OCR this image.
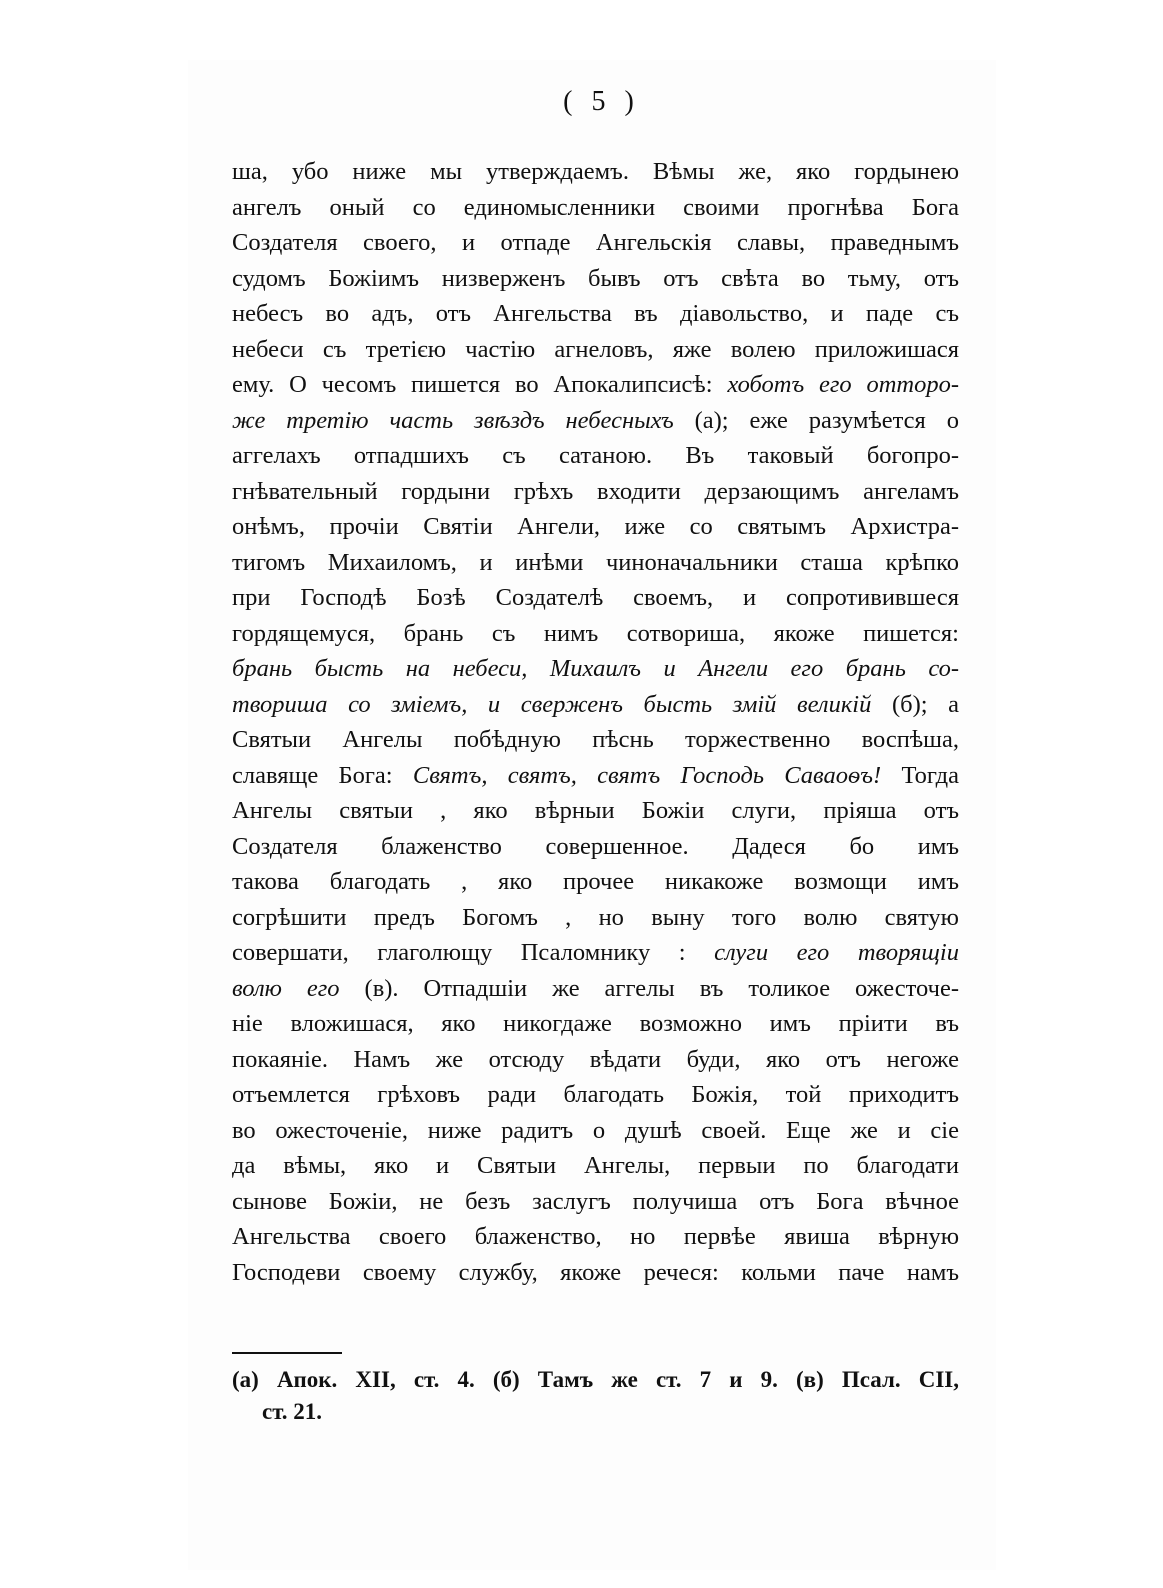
( 5 )
ша, убо ниже мы утверждаемъ. Вѣмы же, яко гордынею
ангелъ оный со единомысленники своими прогнѣва Бога
Создателя своего, и отпаде Ангельскія славы, праведнымъ
судомъ Божіимъ низверженъ бывъ отъ свѣта во тьму, отъ
небесъ во адъ, отъ Ангельства въ діавольство, и паде съ
небеси съ третією частію агнеловъ, яже волею приложишася
ему. О чесомъ пишется во Апокалипсисѣ: хоботъ его отторо-
же третію часть звѣздъ небесныхъ (а); еже разумѣется о
аггелахъ отпадшихъ съ сатаною. Въ таковый богопро-
гнѣвательный гордыни грѣхъ входити дерзающимъ ангеламъ
онѣмъ, прочіи Святіи Ангели, иже со святымъ Архистра-
тигомъ Михаиломъ, и инѣми чиноначальники сташа крѣпко
при Господѣ Бозѣ Создателѣ своемъ, и сопротивившеся
гордящемуся, брань съ нимъ сотвориша, якоже пишется:
брань бысть на небеси, Михаилъ и Ангели его брань со-
твориша со змiемъ, и сверженъ бысть змiй великiй (б); а
Святыи Ангелы побѣдную пѣснь торжественно воспѣша,
славяще Бога: Святъ, святъ, святъ Господь Саваоѳъ! Тогда
Ангелы святыи , яко вѣрныи Божіи слуги, пріяша отъ
Создателя блаженство совершенное. Дадеся бо имъ
такова благодать , яко прочее никакоже возмощи имъ
согрѣшити предъ Богомъ , но выну того волю святую
совершати, глаголющу Псаломнику : слуги его творящіи
волю его (в). Отпадшіи же аггелы въ толикое ожесточе-
ніе вложишася, яко никогдаже возможно имъ пріити въ
покаяніе. Намъ же отсюду вѣдати буди, яко отъ негоже
отъемлется грѣховъ ради благодать Божія, той приходитъ
во ожесточеніе, ниже радитъ о душѣ своей. Еще же и сіе
да вѣмы, яко и Святыи Ангелы, первыи по благодати
сынове Божіи, не безъ заслугъ получиша отъ Бога вѣчное
Ангельства своего блаженство, но первѣе явиша вѣрную
Господеви своему службу, якоже речеся: кольми паче намъ
(а) Апок. XII, ст. 4. (б) Тамъ же ст. 7 и 9. (в) Псал. CII,
ст. 21.
